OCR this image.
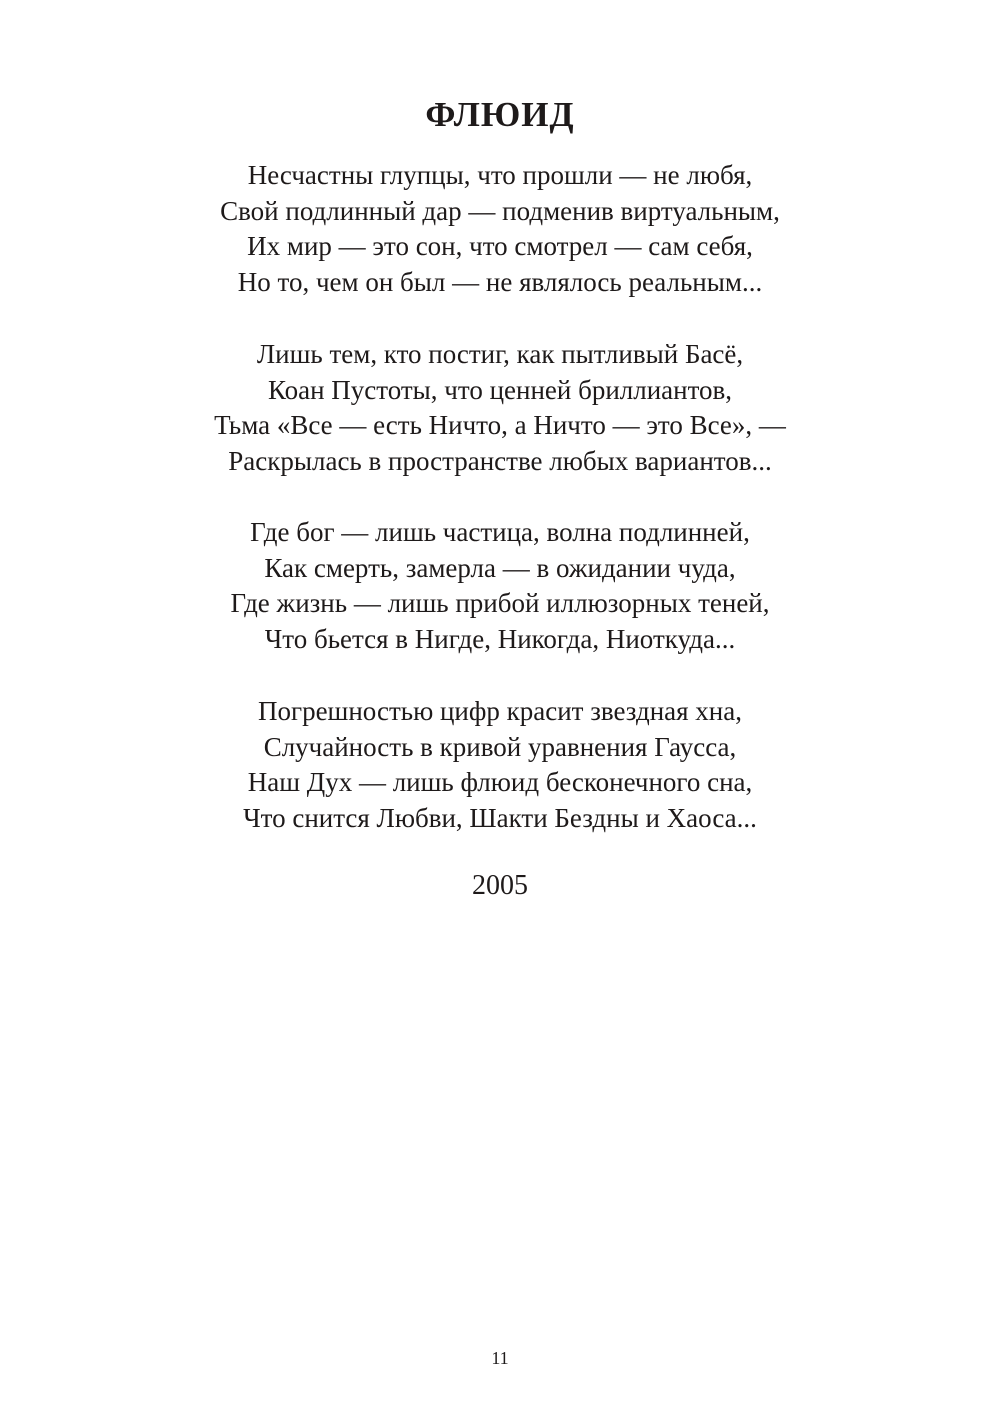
ФЛЮИД
Несчастны глупцы, что прошли — не любя,
Свой подлинный дар — подменив виртуальным,
Их мир — это сон, что смотрел — сам себя,
Но то, чем он был — не являлось реальным...
Лишь тем, кто постиг, как пытливый Басё,
Коан Пустоты, что ценней бриллиантов,
Тьма «Все — есть Ничто, а Ничто — это Все», —
Раскрылась в пространстве любых вариантов...
Где бог — лишь частица, волна подлинней,
Как смерть, замерла — в ожидании чуда,
Где жизнь — лишь прибой иллюзорных теней,
Что бьется в Нигде, Никогда, Ниоткуда...
Погрешностью цифр красит звездная хна,
Случайность в кривой уравнения Гаусса,
Наш Дух — лишь флюид бесконечного сна,
Что снится Любви, Шакти Бездны и Хаоса...
2005
11
